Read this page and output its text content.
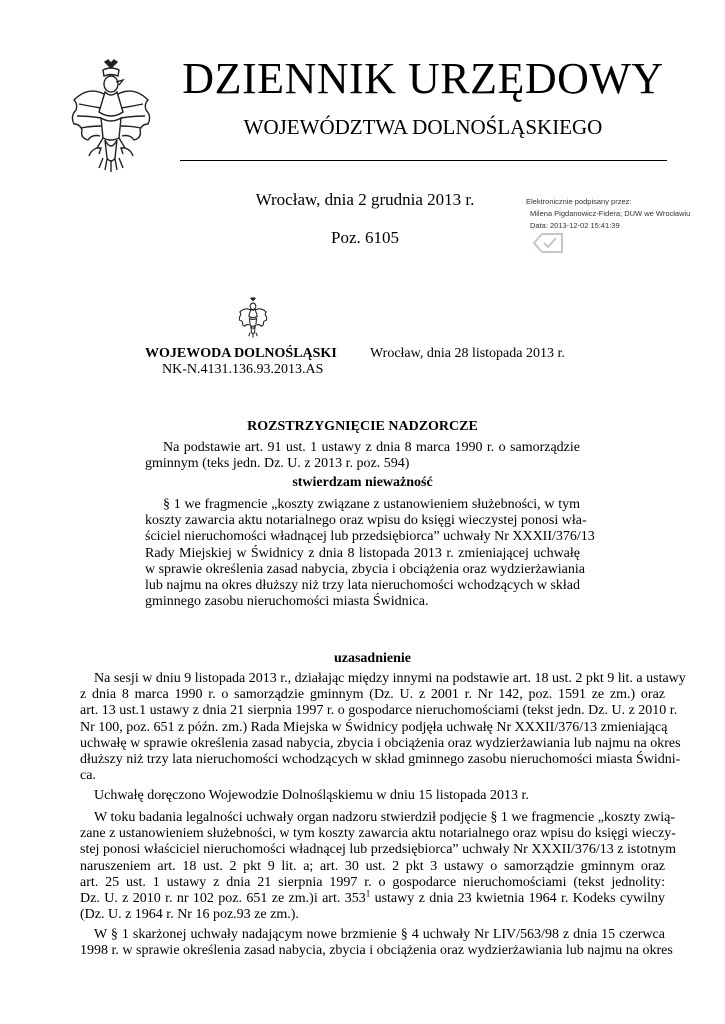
DZIENNIK URZĘDOWY
WOJEWÓDZTWA DOLNOŚLĄSKIEGO
Wrocław, dnia 2 grudnia 2013 r.
Poz. 6105
Elektronicznie podpisany przez:
Milena Pigdanowicz-Fidera; DUW we Wrocławiu
Data: 2013-12-02 15:41:39
WOJEWODA DOLNOŚLĄSKI Wrocław, dnia 28 listopada 2013 r.
NK-N.4131.136.93.2013.AS
ROZSTRZYGNIĘCIE NADZORCZE
Na podstawie art. 91 ust. 1 ustawy z dnia 8 marca 1990 r. o samorządzie
gminnym (teks jedn. Dz. U. z 2013 r. poz. 594)
stwierdzam nieważność
§ 1 we fragmencie „koszty związane z ustanowieniem służebności, w tym
koszty zawarcia aktu notarialnego oraz wpisu do księgi wieczystej ponosi wła-
ściciel nieruchomości władnącej lub przedsiębiorca” uchwały Nr XXXII/376/13
Rady Miejskiej w Świdnicy z dnia 8 listopada 2013 r. zmieniającej uchwałę
w sprawie określenia zasad nabycia, zbycia i obciążenia oraz wydzierżawiania
lub najmu na okres dłuższy niż trzy lata nieruchomości wchodzących w skład
gminnego zasobu nieruchomości miasta Świdnica.
uzasadnienie
Na sesji w dniu 9 listopada 2013 r., działając między innymi na podstawie art. 18 ust. 2 pkt 9 lit. a ustawy
z dnia 8 marca 1990 r. o samorządzie gminnym (Dz. U. z 2001 r. Nr 142, poz. 1591 ze zm.) oraz
art. 13 ust.1 ustawy z dnia 21 sierpnia 1997 r. o gospodarce nieruchomościami (tekst jedn. Dz. U. z 2010 r.
Nr 100, poz. 651 z późn. zm.) Rada Miejska w Świdnicy podjęła uchwałę Nr XXXII/376/13 zmieniającą
uchwałę w sprawie określenia zasad nabycia, zbycia i obciążenia oraz wydzierżawiania lub najmu na okres
dłuższy niż trzy lata nieruchomości wchodzących w skład gminnego zasobu nieruchomości miasta Świdni-
ca.
Uchwałę doręczono Wojewodzie Dolnośląskiemu w dniu 15 listopada 2013 r.
W toku badania legalności uchwały organ nadzoru stwierdził podjęcie § 1 we fragmencie „koszty zwią-
zane z ustanowieniem służebności, w tym koszty zawarcia aktu notarialnego oraz wpisu do księgi wieczy-
stej ponosi właściciel nieruchomości władnącej lub przedsiębiorca” uchwały Nr XXXII/376/13 z istotnym
naruszeniem art. 18 ust. 2 pkt 9 lit. a; art. 30 ust. 2 pkt 3 ustawy o samorządzie gminnym oraz
art. 25 ust. 1 ustawy z dnia 21 sierpnia 1997 r. o gospodarce nieruchomościami (tekst jednolity:
Dz. U. z 2010 r. nr 102 poz. 651 ze zm.)i art. $353^1$ ustawy z dnia 23 kwietnia 1964 r. Kodeks cywilny
(Dz. U. z 1964 r. Nr 16 poz.93 ze zm.).
W § 1 skarżonej uchwały nadającym nowe brzmienie § 4 uchwały Nr LIV/563/98 z dnia 15 czerwca
1998 r. w sprawie określenia zasad nabycia, zbycia i obciążenia oraz wydzierżawiania lub najmu na okres
